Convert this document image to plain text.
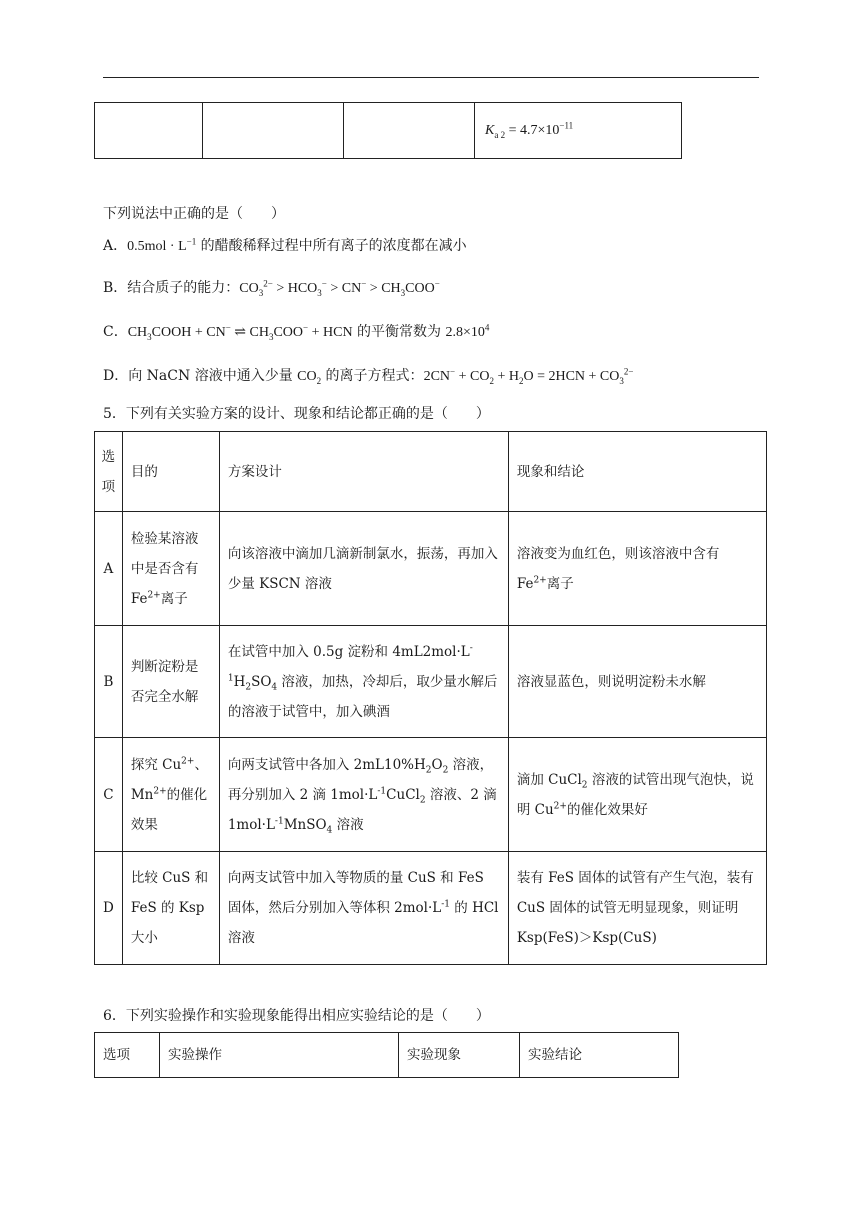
			$K_{a 2} = 4.7\times 10^{-11}$
下列说法中正确的是（　　）
A．$0.5mol \cdot L^{-1}$ 的醋酸稀释过程中所有离子的浓度都在减小
B．结合质子的能力：$CO_3^{2-} > HCO_3^- > CN^- > CH_3COO^-$
C．$CH_3COOH + CN^-$ ⇌ $CH_3COO^-$ + HCN 的平衡常数为 $2.8\times 10^4$
D．向 NaCN 溶液中通入少量 $CO_2$ 的离子方程式：$2CN^- + CO_2 + H_2O = 2HCN + CO_3^{2-}$
5．下列有关实验方案的设计、现象和结论都正确的是（　　）
选项	目的	方案设计	现象和结论
A	检验某溶液中是否含有 $Fe^{2+}$离子	向该溶液中滴加几滴新制氯水，振荡，再加入少量 KSCN 溶液	溶液变为血红色，则该溶液中含有 $Fe^{2+}$离子
B	判断淀粉是否完全水解	在试管中加入 0.5g 淀粉和 $4mL2mol\cdot L^{-1}H_2SO_4$ 溶液，加热，冷却后，取少量水解后的溶液于试管中，加入碘酒	溶液显蓝色，则说明淀粉未水解
C	探究 $Cu^{2+}$、$Mn^{2+}$的催化效果	向两支试管中各加入 $2mL10\%H_2O_2$ 溶液，再分别加入 2 滴 $1mol\cdot L^{-1}CuCl_2$ 溶液、2 滴 $1mol\cdot L^{-1}MnSO_4$ 溶液	滴加 CuCl$_2$ 溶液的试管出现气泡快，说明 $Cu^{2+}$的催化效果好
D	比较 CuS 和 FeS 的 Ksp 大小	向两支试管中加入等物质的量 CuS 和 FeS 固体，然后分别加入等体积 $2mol\cdot L^{-1}$ 的 HCl 溶液	装有 FeS 固体的试管有产生气泡，装有 CuS 固体的试管无明显现象，则证明 Ksp(FeS)＞Ksp(CuS)
6．下列实验操作和实验现象能得出相应实验结论的是（　　）
选项	实验操作	实验现象	实验结论
